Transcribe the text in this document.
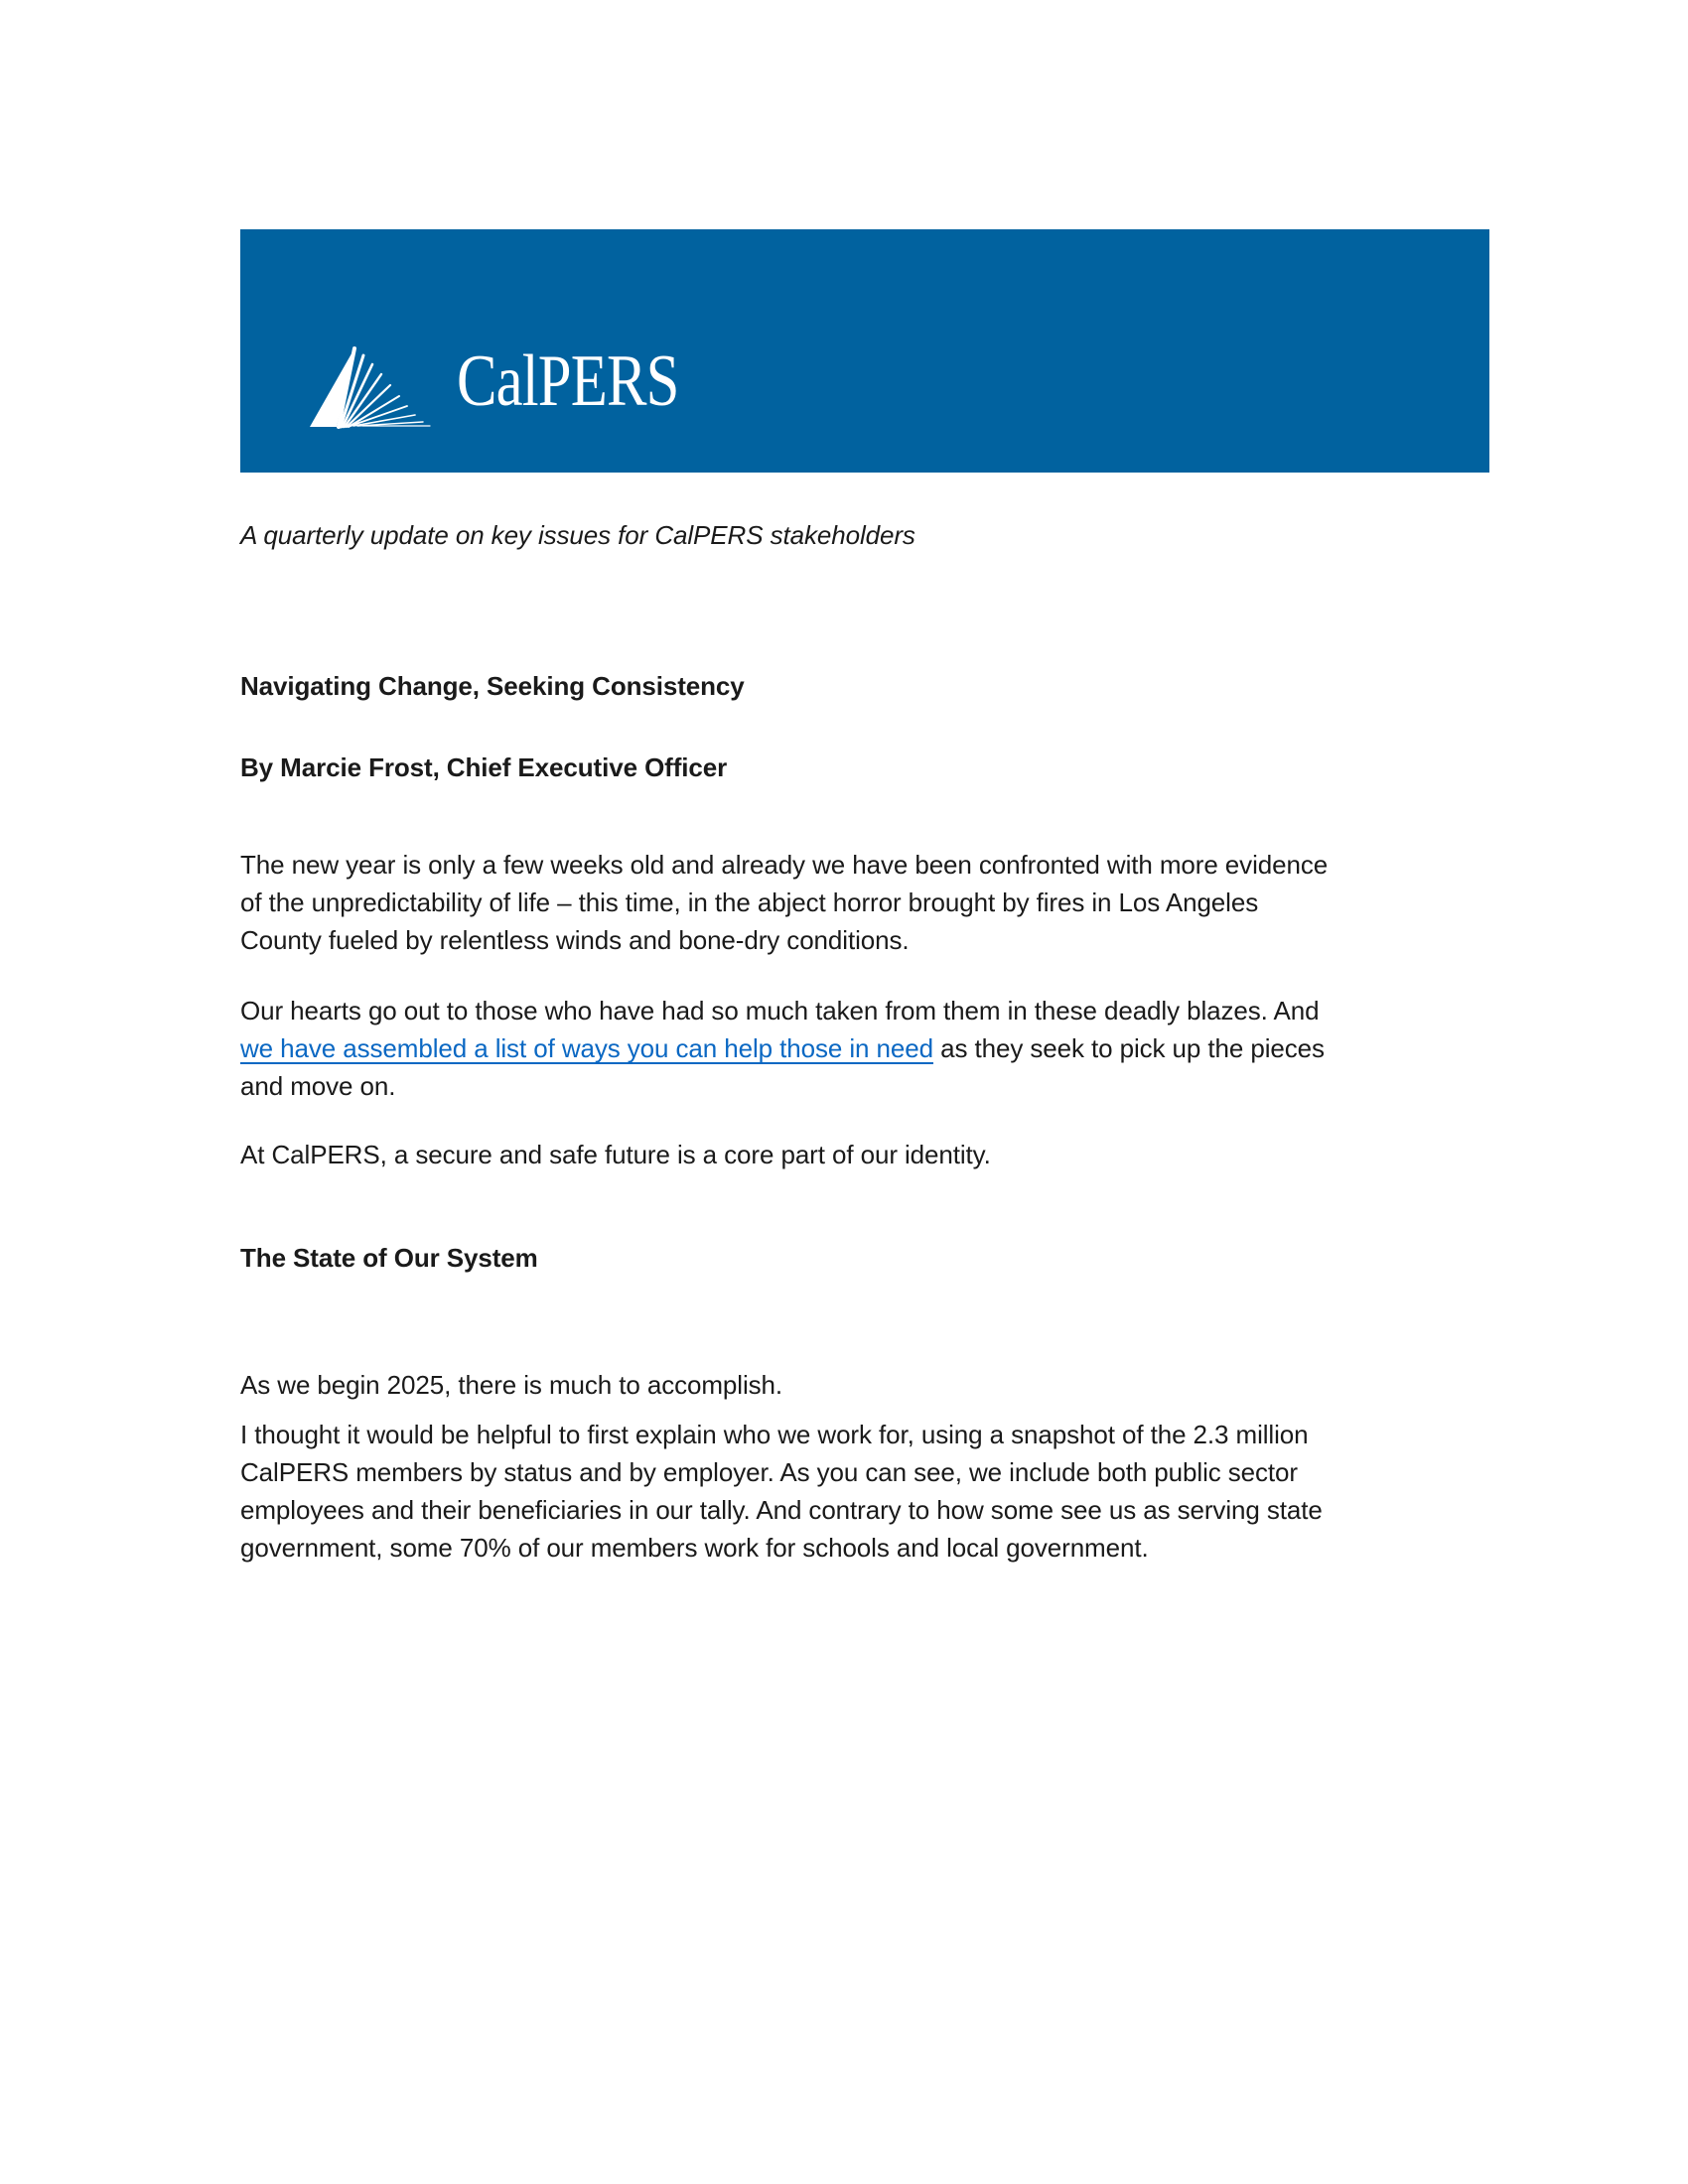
CalPERS
A quarterly update on key issues for CalPERS stakeholders
Navigating Change, Seeking Consistency
By Marcie Frost, Chief Executive Officer
The new year is only a few weeks old and already we have been confronted with more evidence
of the unpredictability of life – this time, in the abject horror brought by fires in Los Angeles
County fueled by relentless winds and bone-dry conditions.
Our hearts go out to those who have had so much taken from them in these deadly blazes. And
we have assembled a list of ways you can help those in need as they seek to pick up the pieces
and move on.
At CalPERS, a secure and safe future is a core part of our identity.
The State of Our System
As we begin 2025, there is much to accomplish.
I thought it would be helpful to first explain who we work for, using a snapshot of the 2.3 million
CalPERS members by status and by employer. As you can see, we include both public sector
employees and their beneficiaries in our tally. And contrary to how some see us as serving state
government, some 70% of our members work for schools and local government.
